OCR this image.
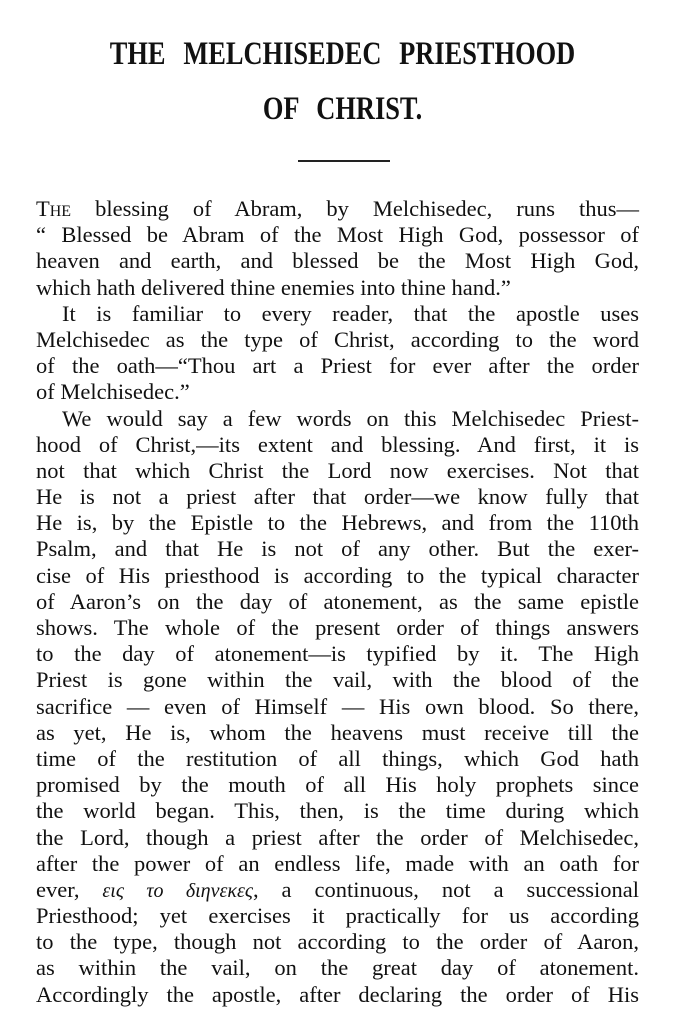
THE MELCHISEDEC PRIESTHOOD
OF CHRIST.
The blessing of Abram, by Melchisedec, runs thus—
“ Blessed be Abram of the Most High God, possessor of
heaven and earth, and blessed be the Most High God,
which hath delivered thine enemies into thine hand.”
It is familiar to every reader, that the apostle uses
Melchisedec as the type of Christ, according to the word
of the oath—“Thou art a Priest for ever after the order
of Melchisedec.”
We would say a few words on this Melchisedec Priest-
hood of Christ,—its extent and blessing. And first, it is
not that which Christ the Lord now exercises. Not that
He is not a priest after that order—we know fully that
He is, by the Epistle to the Hebrews, and from the 110th
Psalm, and that He is not of any other. But the exer-
cise of His priesthood is according to the typical character
of Aaron’s on the day of atonement, as the same epistle
shows. The whole of the present order of things answers
to the day of atonement—is typified by it. The High
Priest is gone within the vail, with the blood of the
sacrifice — even of Himself — His own blood. So there,
as yet, He is, whom the heavens must receive till the
time of the restitution of all things, which God hath
promised by the mouth of all His holy prophets since
the world began. This, then, is the time during which
the Lord, though a priest after the order of Melchisedec,
after the power of an endless life, made with an oath for
ever, εις το διηνεκες, a continuous, not a successional
Priesthood; yet exercises it practically for us according
to the type, though not according to the order of Aaron,
as within the vail, on the great day of atonement.
Accordingly the apostle, after declaring the order of His
